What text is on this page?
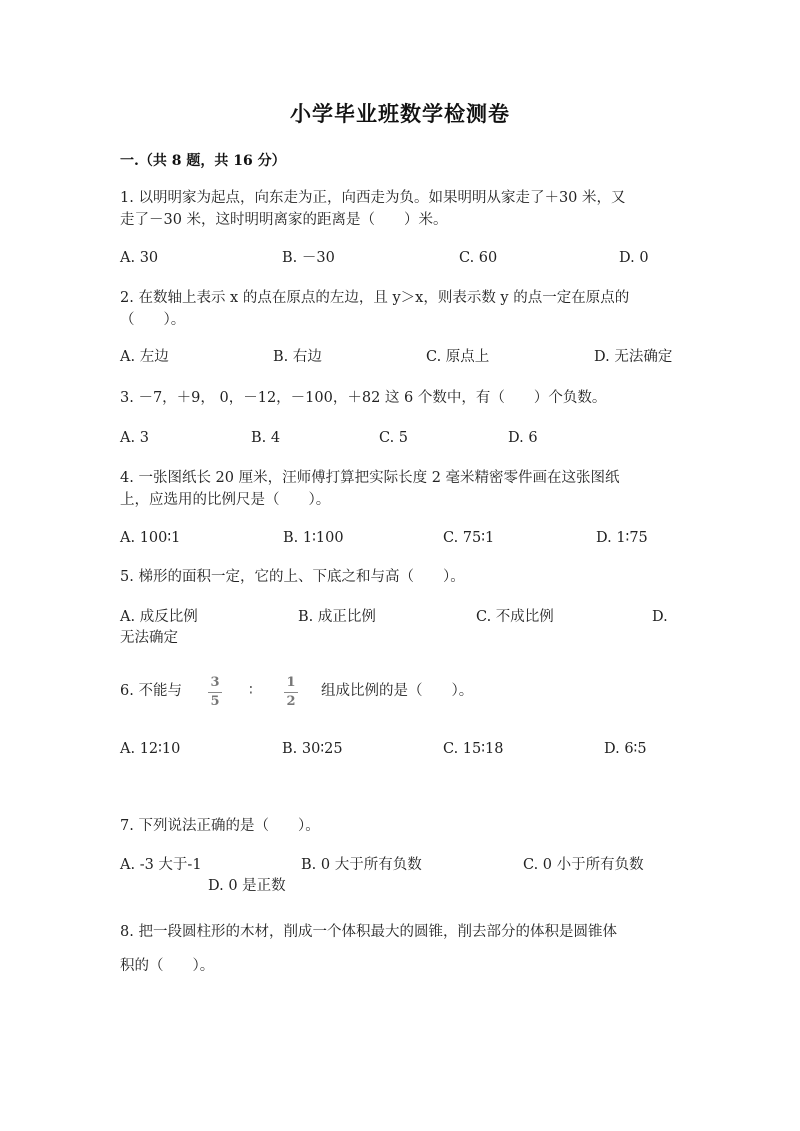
小学毕业班数学检测卷
一.（共 8 题，共 16 分）
1. 以明明家为起点，向东走为正，向西走为负。如果明明从家走了＋30 米，又
走了－30 米，这时明明离家的距离是（　　）米。
A. 30	B. －30	C. 60	D. 0
2. 在数轴上表示 x 的点在原点的左边，且 y＞x，则表示数 y 的点一定在原点的
（　　）。
A. 左边	B. 右边	C. 原点上	D. 无法确定
3. －7，＋9， 0，－12，－100，＋82 这 6 个数中，有（　　）个负数。
A. 3	B. 4	C. 5	D. 6
4. 一张图纸长 20 厘米，汪师傅打算把实际长度 2 毫米精密零件画在这张图纸
上，应选用的比例尺是（　　）。
A. 100∶1	B. 1∶100	C. 75∶1	D. 1∶75
5. 梯形的面积一定，它的上、下底之和与高（　　）。
A. 成反比例	B. 成正比例	C. 不成比例	D.
无法确定
6. 不能与
3
5
∶
1
2
组成比例的是（　　）。
A. 12∶10	B. 30∶25	C. 15∶18	D. 6∶5
7. 下列说法正确的是（　　）。
A. -3 大于-1	B. 0 大于所有负数	C. 0 小于所有负数
D. 0 是正数
8. 把一段圆柱形的木材，削成一个体积最大的圆锥，削去部分的体积是圆锥体
积的（　　）。
